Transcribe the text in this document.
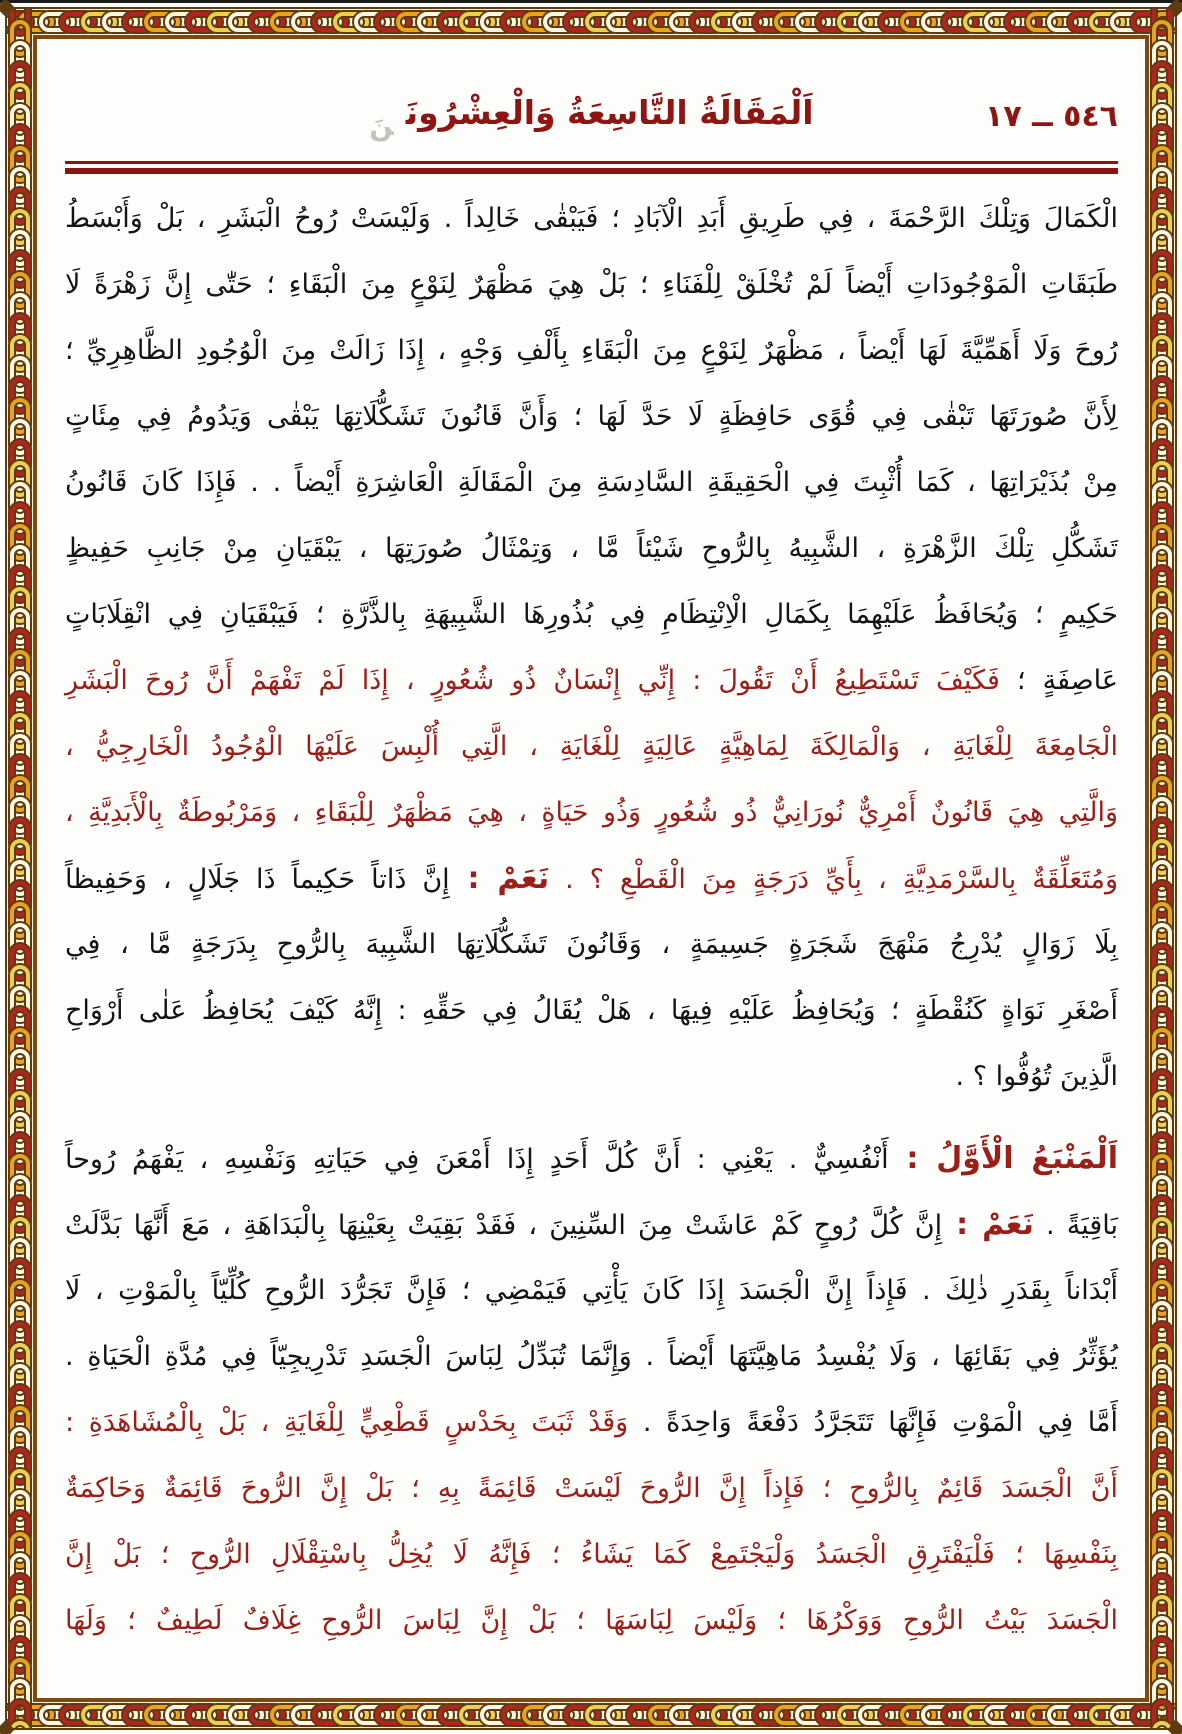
٥٤٦ ــ ١٧
اَلْمَقَالَةُ التَّاسِعَةُ $وَالْعِشْرُونَ_{نَ}$
الْكَمَالَ وَتِلْكَ الرَّحْمَةَ ، فِي طَرِيقِ أَبَدِ الْآبَادِ ؛ فَيَبْقٰى خَالِداً . وَلَيْسَتْ رُوحُ الْبَشَرِ ، بَلْ وَأَبْسَطُ
طَبَقَاتِ الْمَوْجُودَاتِ أَيْضاً لَمْ تُخْلَقْ لِلْفَنَاءِ ؛ بَلْ هِيَ مَظْهَرٌ لِنَوْعٍ مِنَ الْبَقَاءِ ؛ حَتّٰى إِنَّ زَهْرَةً لَا
رُوحَ وَلَا أَهَمِّيَّةَ لَهَا أَيْضاً ، مَظْهَرٌ لِنَوْعٍ مِنَ الْبَقَاءِ بِأَلْفِ وَجْهٍ ، إِذَا زَالَتْ مِنَ الْوُجُودِ الظَّاهِرِيِّ ؛
لِأَنَّ صُورَتَهَا تَبْقٰى فِي قُوًى حَافِظَةٍ لَا حَدَّ لَهَا ؛ وَأَنَّ قَانُونَ تَشَكُّلَاتِهَا يَبْقٰى وَيَدُومُ فِي مِئَاتٍ
مِنْ بُذَيْرَاتِهَا ، كَمَا أُثْبِتَ فِي الْحَقِيقَةِ السَّادِسَةِ مِنَ الْمَقَالَةِ الْعَاشِرَةِ أَيْضاً . . فَإِذَا كَانَ قَانُونُ
تَشَكُّلِ تِلْكَ الزَّهْرَةِ ، الشَّبِيهُ بِالرُّوحِ شَيْئاً مَّا ، وَتِمْثَالُ صُورَتِهَا ، يَبْقَيَانِ مِنْ جَانِبِ حَفِيظٍ
حَكِيمٍ ؛ وَيُحَافَظُ عَلَيْهِمَا بِكَمَالِ الْاِنْتِظَامِ فِي بُذُورِهَا الشَّبِيهَةِ بِالذَّرَّةِ ؛ فَيَبْقَيَانِ فِي انْقِلَابَاتٍ
عَاصِفَةٍ ؛ فَكَيْفَ تَسْتَطِيعُ أَنْ تَقُولَ : إِنِّي إِنْسَانٌ ذُو شُعُورٍ ، إِذَا لَمْ تَفْهَمْ أَنَّ رُوحَ الْبَشَرِ
الْجَامِعَةَ لِلْغَايَةِ ، وَالْمَالِكَةَ لِمَاهِيَّةٍ عَالِيَةٍ لِلْغَايَةِ ، الَّتِي أُلْبِسَ عَلَيْهَا الْوُجُودُ الْخَارِجِيُّ ،
وَالَّتِي هِيَ قَانُونٌ أَمْرِيٌّ نُورَانِيٌّ ذُو شُعُورٍ وَذُو حَيَاةٍ ، هِيَ مَظْهَرٌ لِلْبَقَاءِ ، وَمَرْبُوطَةٌ بِالْأَبَدِيَّةِ ،
وَمُتَعَلِّقَةٌ بِالسَّرْمَدِيَّةِ ، بِأَيِّ دَرَجَةٍ مِنَ الْقَطْعِ ؟ . نَعَمْ : إِنَّ ذَاتاً حَكِيماً ذَا جَلَالٍ ، وَحَفِيظاً
بِلَا زَوَالٍ يُدْرِجُ مَنْهَجَ شَجَرَةٍ جَسِيمَةٍ ، وَقَانُونَ تَشَكُّلَاتِهَا الشَّبِيهَ بِالرُّوحِ بِدَرَجَةٍ مَّا ، فِي
أَصْغَرِ نَوَاةٍ كَنُقْطَةٍ ؛ وَيُحَافِظُ عَلَيْهِ فِيهَا ، هَلْ يُقَالُ فِي حَقِّهِ : إِنَّهُ كَيْفَ يُحَافِظُ عَلٰى أَرْوَاحِ
الَّذِينَ تُوُفُّوا ؟ .
اَلْمَنْبَعُ الْأَوَّلُ : أَنْفُسِيٌّ . يَعْنِي : أَنَّ كُلَّ أَحَدٍ إِذَا أَمْعَنَ فِي حَيَاتِهِ وَنَفْسِهِ ، يَفْهَمُ رُوحاً
بَاقِيَةً . نَعَمْ : إِنَّ كُلَّ رُوحٍ كَمْ عَاشَتْ مِنَ السِّنِينَ ، فَقَدْ بَقِيَتْ بِعَيْنِهَا بِالْبَدَاهَةِ ، مَعَ أَنَّهَا بَدَّلَتْ
أَبْدَاناً بِقَدَرِ ذٰلِكَ . فَإِذاً إِنَّ الْجَسَدَ إِذَا كَانَ يَأْتِي فَيَمْضِي ؛ فَإِنَّ تَجَرُّدَ الرُّوحِ كُلِّيّاً بِالْمَوْتِ ، لَا
يُؤَثِّرُ فِي بَقَائِهَا ، وَلَا يُفْسِدُ مَاهِيَّتَهَا أَيْضاً . وَإِنَّمَا تُبَدِّلُ لِبَاسَ الْجَسَدِ تَدْرِيجِيّاً فِي مُدَّةِ الْحَيَاةِ .
أَمَّا فِي الْمَوْتِ فَإِنَّهَا تَتَجَرَّدُ دَفْعَةً وَاحِدَةً . وَقَدْ ثَبَتَ بِحَدْسٍ قَطْعِيٍّ لِلْغَايَةِ ، بَلْ بِالْمُشَاهَدَةِ :
أَنَّ الْجَسَدَ قَائِمٌ بِالرُّوحِ ؛ فَإِذاً إِنَّ الرُّوحَ لَيْسَتْ قَائِمَةً بِهِ ؛ بَلْ إِنَّ الرُّوحَ قَائِمَةٌ وَحَاكِمَةٌ
بِنَفْسِهَا ؛ فَلْيَفْتَرِقِ الْجَسَدُ وَلْيَجْتَمِعْ كَمَا يَشَاءُ ؛ فَإِنَّهُ لَا يُخِلُّ بِاسْتِقْلَالِ الرُّوحِ ؛ بَلْ إِنَّ
الْجَسَدَ بَيْتُ الرُّوحِ وَوَكْرُهَا ؛ وَلَيْسَ لِبَاسَهَا ؛ بَلْ إِنَّ لِبَاسَ الرُّوحِ غِلَافٌ لَطِيفٌ ؛ وَلَهَا
